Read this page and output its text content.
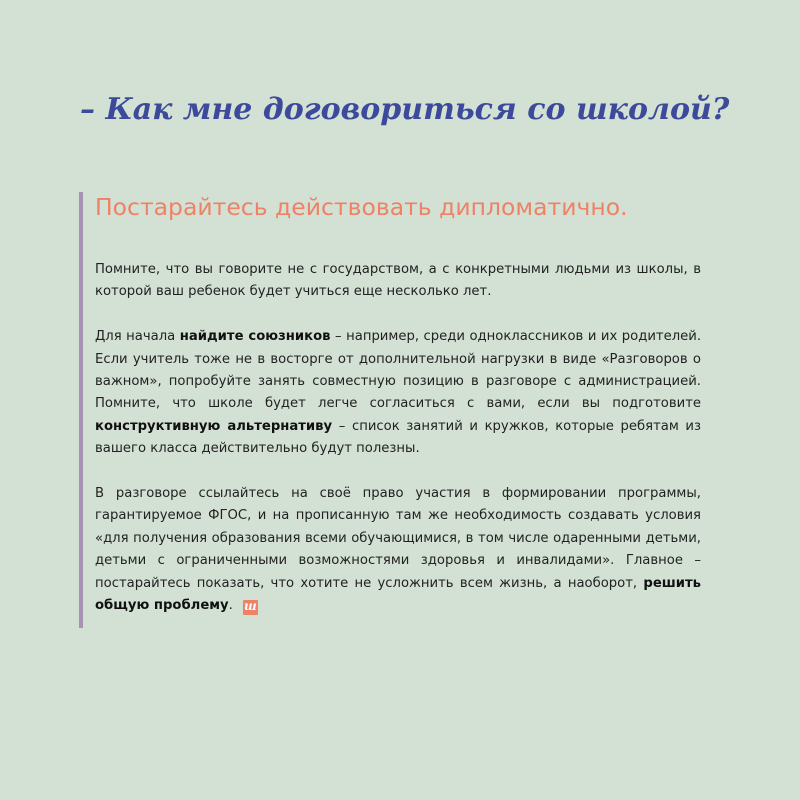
– Как мне договориться со школой?
Постарайтесь действовать дипломатично.

Помните, что вы говорите не с государством, а с конкретными людьми из школы, в которой ваш ребенок будет учиться еще несколько лет.

Для начала найдите союзников – например, среди одноклассников и их родителей. Если учитель тоже не в восторге от дополнительной нагрузки в виде «Разговоров о важном», попробуйте занять совместную позицию в разговоре с администрацией. Помните, что школе будет легче согласиться с вами, если вы подготовите конструктивную альтернативу – список занятий и кружков, которые ребятам из вашего класса действительно будут полезны.

В разговоре ссылайтесь на своё право участия в формировании программы, гарантируемое ФГОС, и на прописанную там же необходимость создавать условия «для получения образования всеми обучающимися, в том числе одаренными детьми, детьми с ограниченными возможностями здоровья и инвалидами». Главное – постарайтесь показать, что хотите не усложнить всем жизнь, а наоборот, решить общую проблему. ш
